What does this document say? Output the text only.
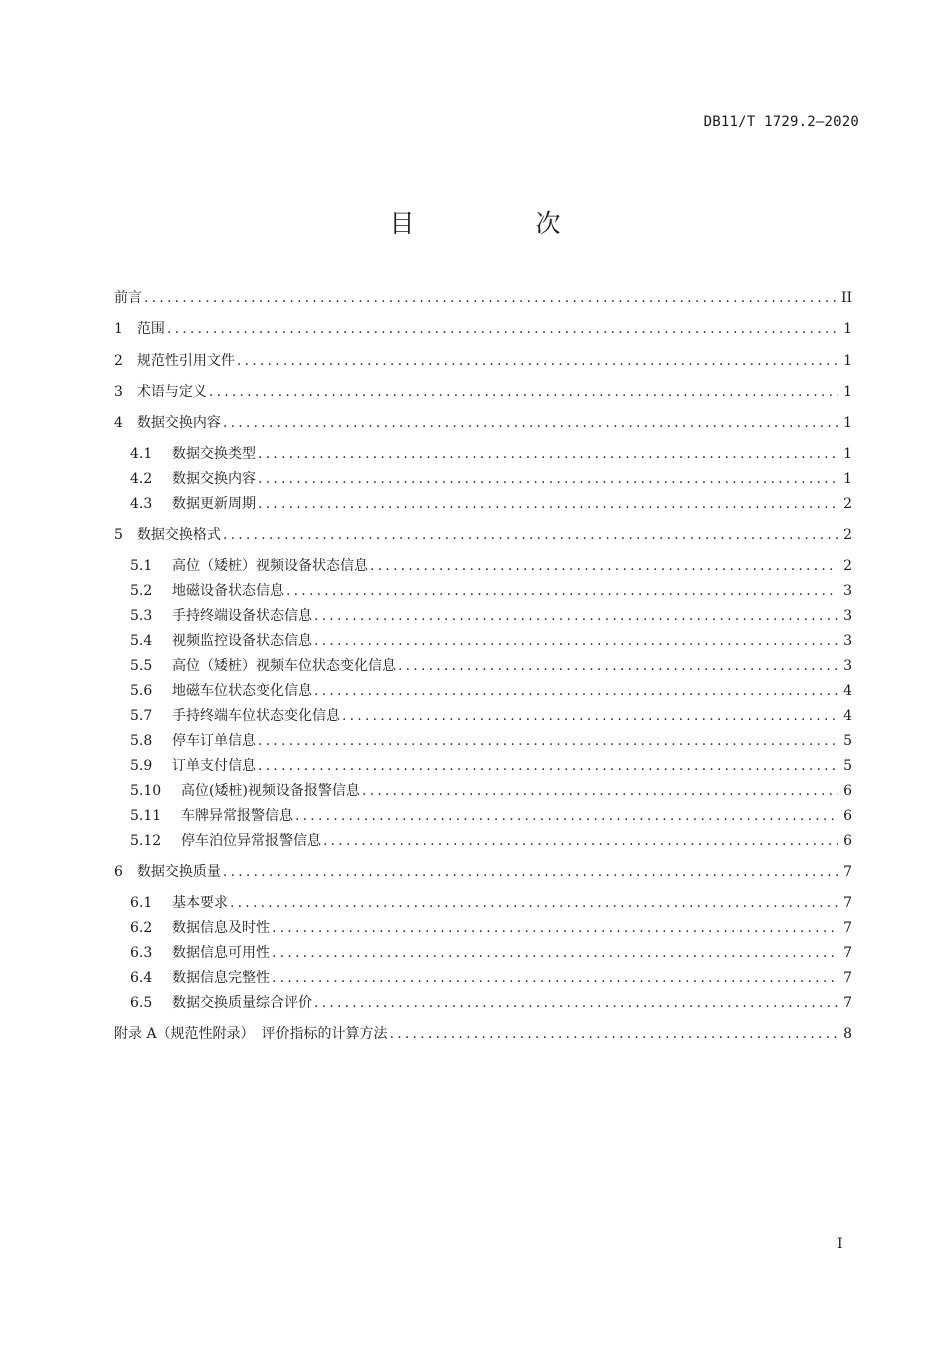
DB11/T 1729.2—2020
目　次
前言 .....	II
1	范围 .....	1
2	规范性引用文件 .....	1
3	术语与定义 .....	1
4	数据交换内容 .....	1
4.1	数据交换类型 .....	1
4.2	数据交换内容 .....	1
4.3	数据更新周期 .....	2
5	数据交换格式 .....	2
5.1	高位（矮桩）视频设备状态信息 .....	2
5.2	地磁设备状态信息 .....	3
5.3	手持终端设备状态信息 .....	3
5.4	视频监控设备状态信息 .....	3
5.5	高位（矮桩）视频车位状态变化信息 .....	3
5.6	地磁车位状态变化信息 .....	4
5.7	手持终端车位状态变化信息 .....	4
5.8	停车订单信息 .....	5
5.9	订单支付信息 .....	5
5.10	高位(矮桩)视频设备报警信息 .....	6
5.11	车牌异常报警信息 .....	6
5.12	停车泊位异常报警信息 .....	6
6	数据交换质量 .....	7
6.1	基本要求 .....	7
6.2	数据信息及时性 .....	7
6.3	数据信息可用性 .....	7
6.4	数据信息完整性 .....	7
6.5	数据交换质量综合评价 .....	7
附录 A（规范性附录）　评价指标的计算方法 .....	8
I
